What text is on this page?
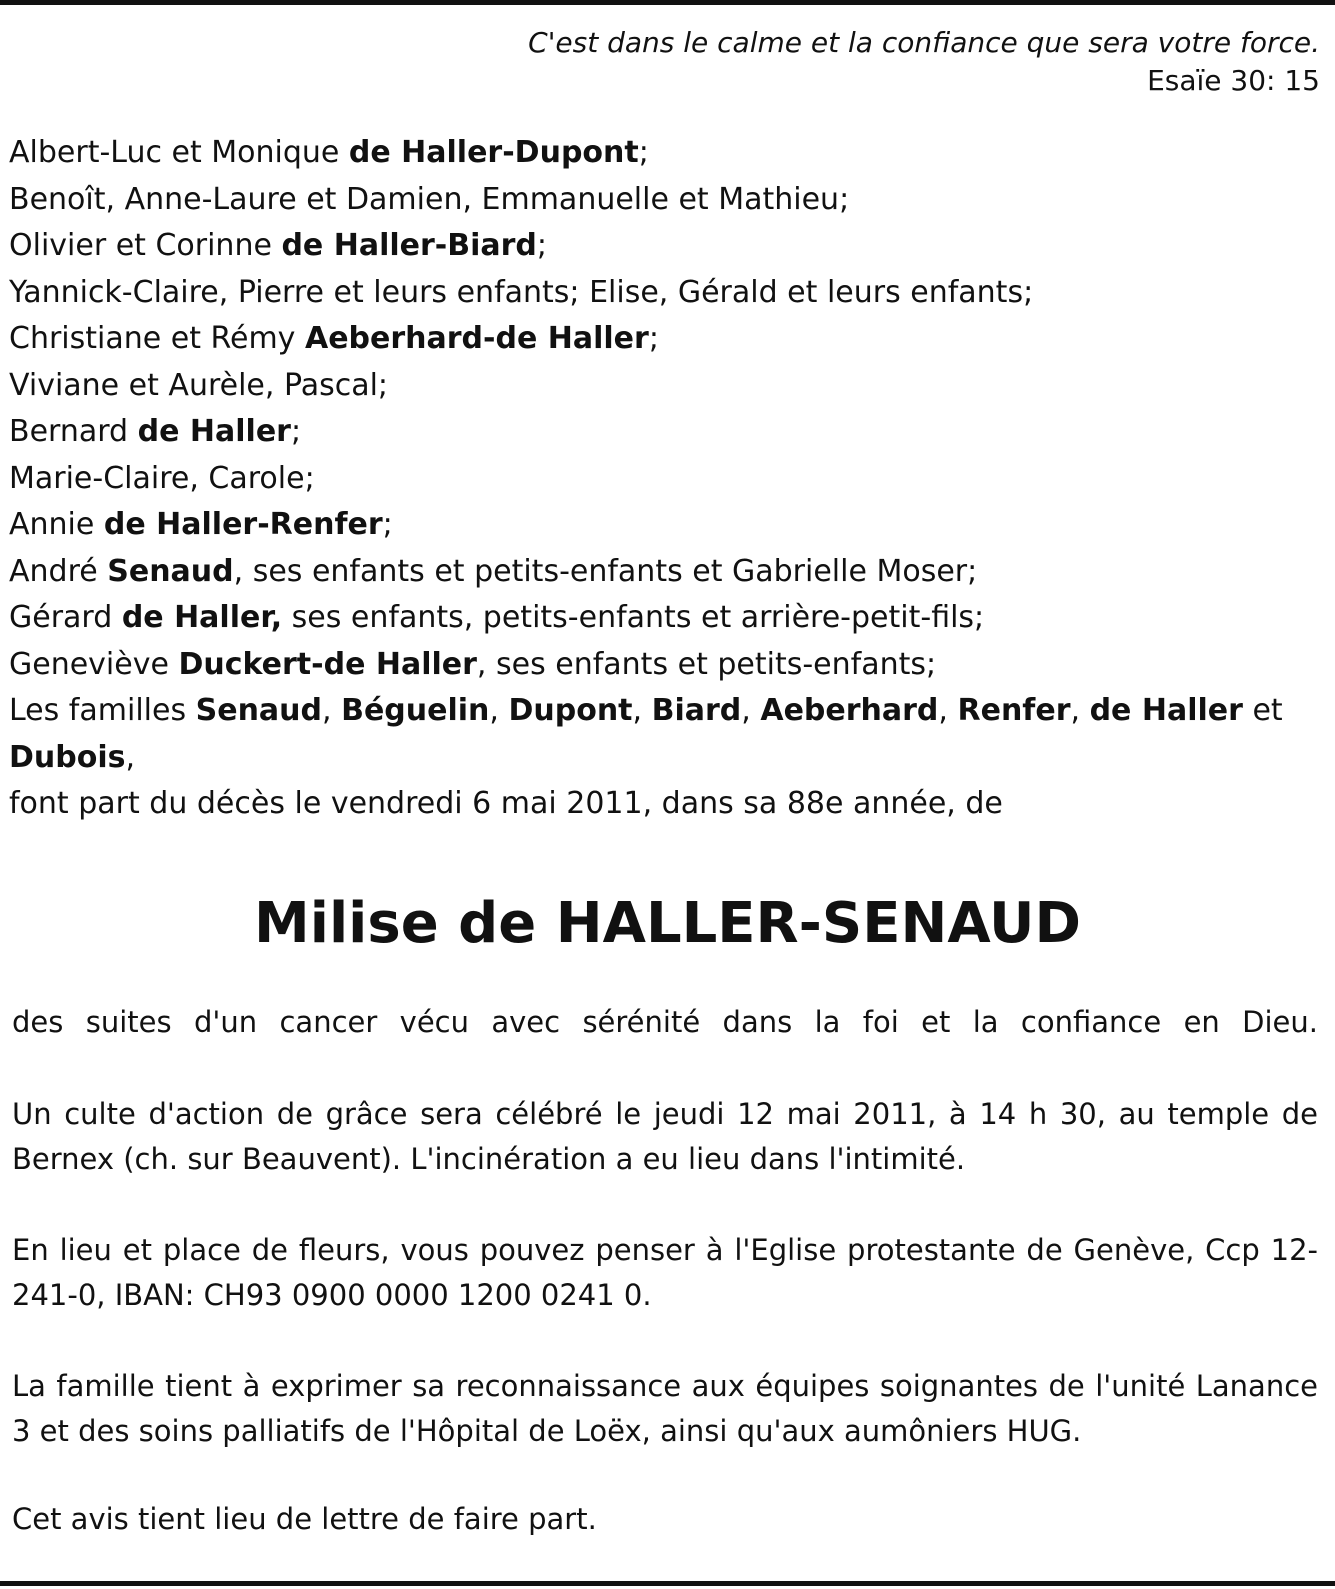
C'est dans le calme et la confiance que sera votre force.
Esaïe 30: 15
Albert-Luc et Monique de Haller-Dupont;
Benoît, Anne-Laure et Damien, Emmanuelle et Mathieu;
Olivier et Corinne de Haller-Biard;
Yannick-Claire, Pierre et leurs enfants; Elise, Gérald et leurs enfants;
Christiane et Rémy Aeberhard-de Haller;
Viviane et Aurèle, Pascal;
Bernard de Haller;
Marie-Claire, Carole;
Annie de Haller-Renfer;
André Senaud, ses enfants et petits-enfants et Gabrielle Moser;
Gérard de Haller, ses enfants, petits-enfants et arrière-petit-fils;
Geneviève Duckert-de Haller, ses enfants et petits-enfants;
Les familles Senaud, Béguelin, Dupont, Biard, Aeberhard, Renfer, de Haller et
Dubois,
font part du décès le vendredi 6 mai 2011, dans sa 88e année, de
Milise de HALLER-SENAUD
des suites d'un cancer vécu avec sérénité dans la foi et la confiance en Dieu.
Un culte d'action de grâce sera célébré le jeudi 12 mai 2011, à 14 h 30, au temple de Bernex (ch. sur Beauvent). L'incinération a eu lieu dans l'intimité.
En lieu et place de fleurs, vous pouvez penser à l'Eglise protestante de Genève, Ccp 12-241-0, IBAN: CH93 0900 0000 1200 0241 0.
La famille tient à exprimer sa reconnaissance aux équipes soignantes de l'unité Lanance 3 et des soins palliatifs de l'Hôpital de Loëx, ainsi qu'aux aumôniers HUG.
Cet avis tient lieu de lettre de faire part.
